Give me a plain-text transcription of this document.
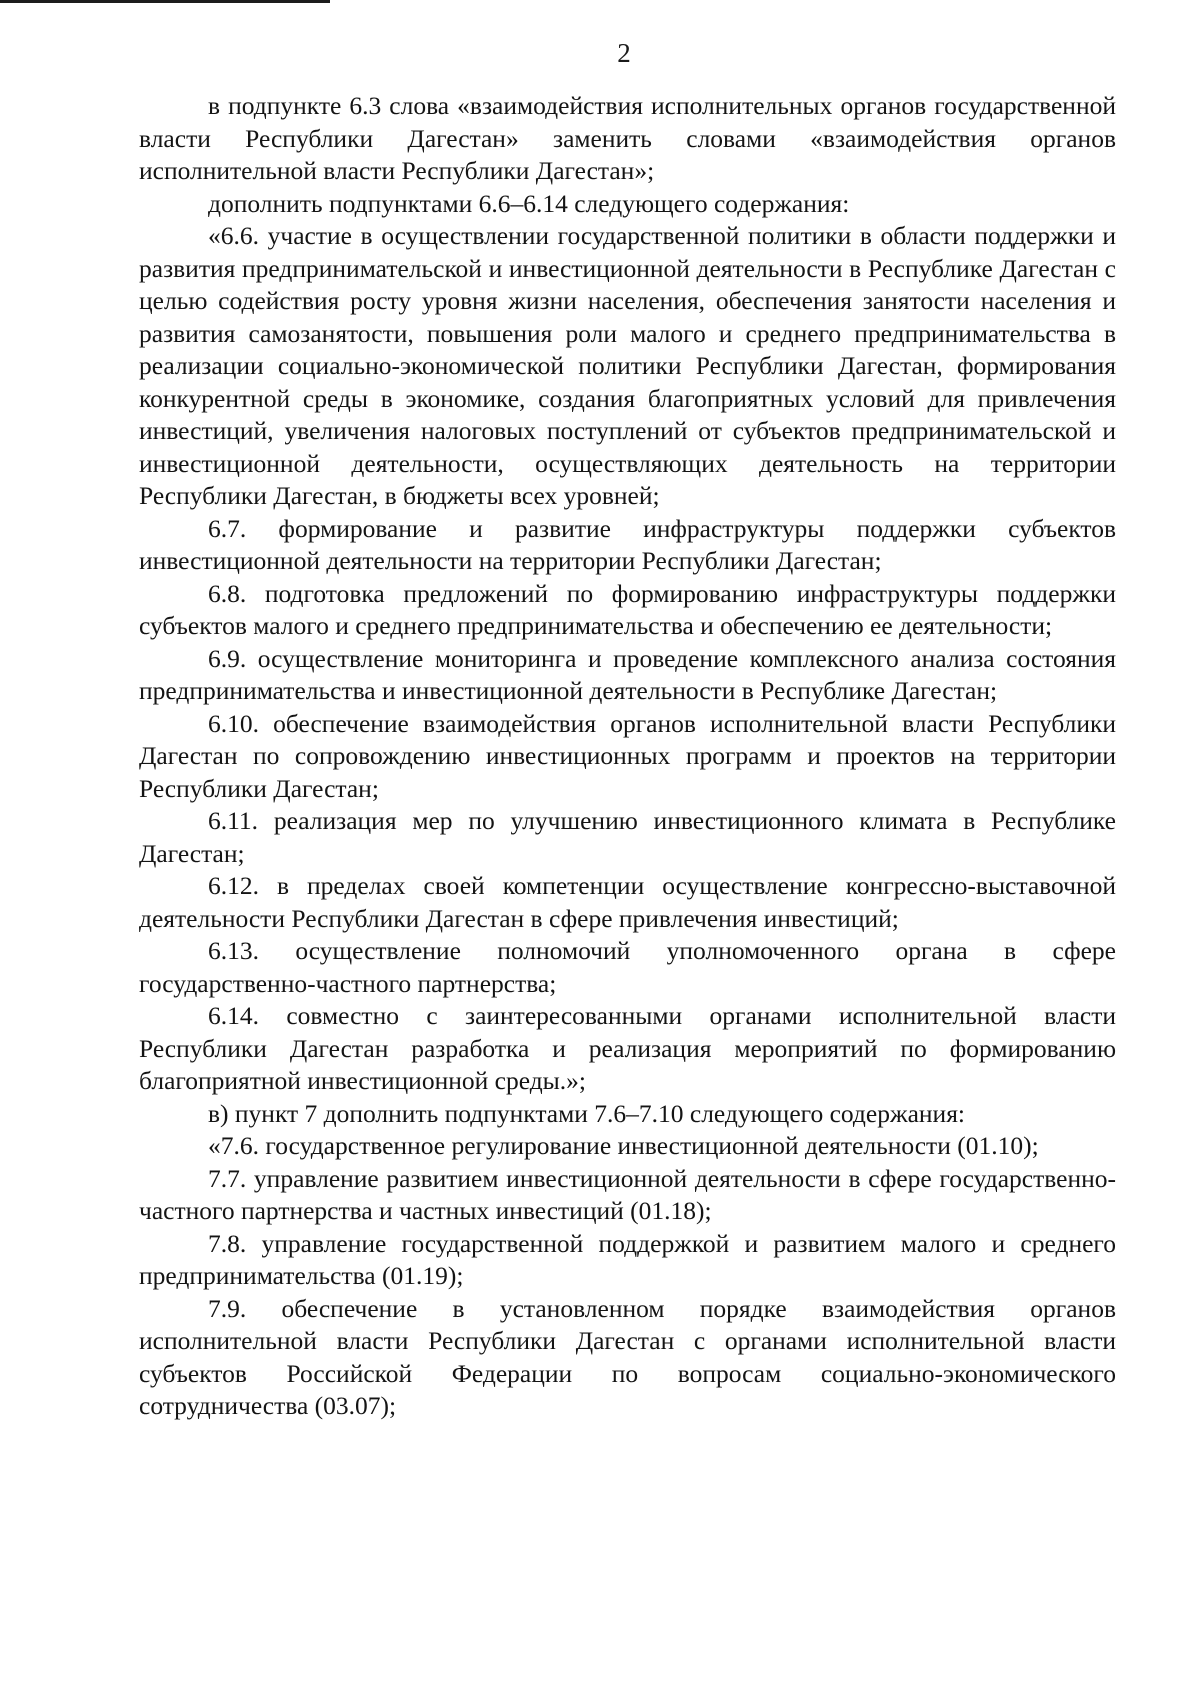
2

в подпункте 6.3 слова «взаимодействия исполнительных органов государственной власти Республики Дагестан» заменить словами «взаимодействия органов исполнительной власти Республики Дагестан»;

дополнить подпунктами 6.6–6.14 следующего содержания:

«6.6. участие в осуществлении государственной политики в области поддержки и развития предпринимательской и инвестиционной деятельности в Республике Дагестан с целью содействия росту уровня жизни населения, обеспечения занятости населения и развития самозанятости, повышения роли малого и среднего предпринимательства в реализации социально-экономической политики Республики Дагестан, формирования конкурентной среды в экономике, создания благоприятных условий для привлечения инвестиций, увеличения налоговых поступлений от субъектов предпринимательской и инвестиционной деятельности, осуществляющих деятельность на территории Республики Дагестан, в бюджеты всех уровней;

6.7. формирование и развитие инфраструктуры поддержки субъектов инвестиционной деятельности на территории Республики Дагестан;

6.8. подготовка предложений по формированию инфраструктуры поддержки субъектов малого и среднего предпринимательства и обеспечению ее деятельности;

6.9. осуществление мониторинга и проведение комплексного анализа состояния предпринимательства и инвестиционной деятельности в Республике Дагестан;

6.10. обеспечение взаимодействия органов исполнительной власти Республики Дагестан по сопровождению инвестиционных программ и проектов на территории Республики Дагестан;

6.11. реализация мер по улучшению инвестиционного климата в Республике Дагестан;

6.12. в пределах своей компетенции осуществление конгрессно-выставочной деятельности Республики Дагестан в сфере привлечения инвестиций;

6.13. осуществление полномочий уполномоченного органа в сфере государственно-частного партнерства;

6.14. совместно с заинтересованными органами исполнительной власти Республики Дагестан разработка и реализация мероприятий по формированию благоприятной инвестиционной среды.»;

в) пункт 7 дополнить подпунктами 7.6–7.10 следующего содержания:

«7.6. государственное регулирование инвестиционной деятельности (01.10);

7.7. управление развитием инвестиционной деятельности в сфере государственно-частного партнерства и частных инвестиций (01.18);

7.8. управление государственной поддержкой и развитием малого и среднего предпринимательства (01.19);

7.9. обеспечение в установленном порядке взаимодействия органов исполнительной власти Республики Дагестан с органами исполнительной власти субъектов Российской Федерации по вопросам социально-экономического сотрудничества (03.07);
